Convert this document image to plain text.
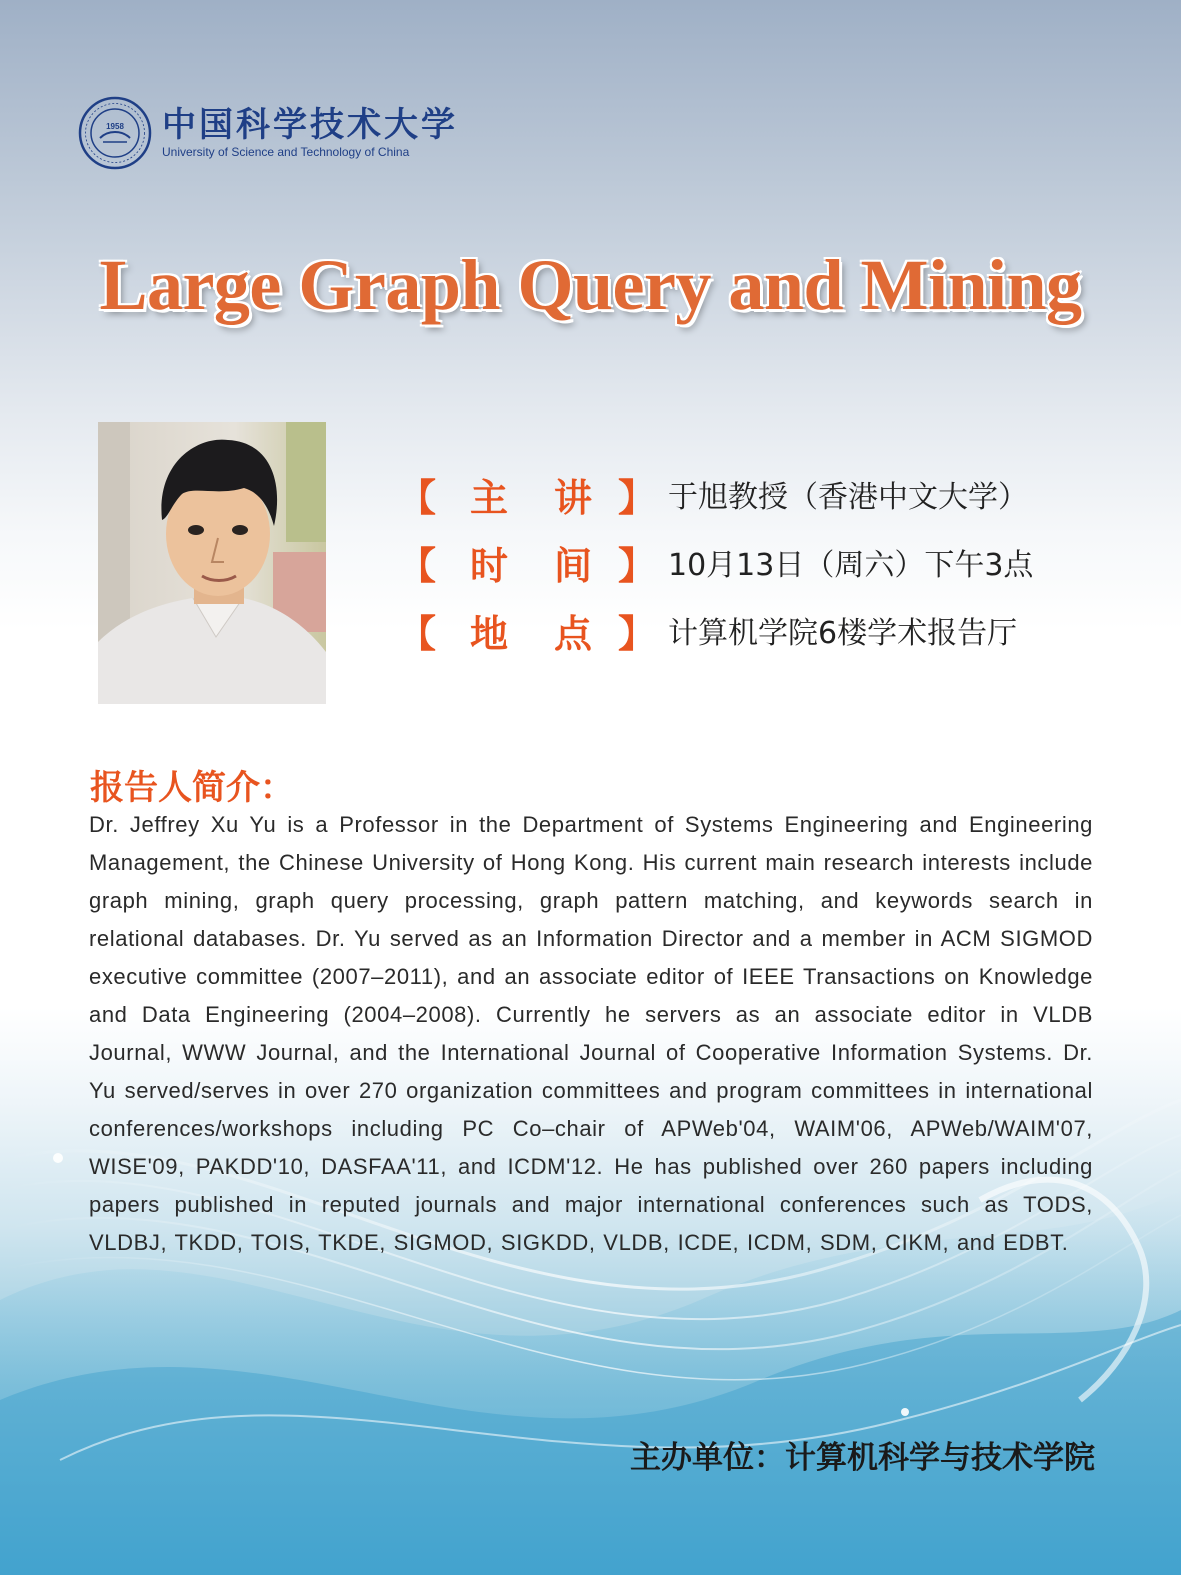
1958 中国科学技术大学
University of Science and Technology of China
Large Graph Query and Mining
【 主 讲 】 于旭教授（香港中文大学）
【 时 间 】 10月13日（周六）下午3点
【 地 点 】 计算机学院6楼学术报告厅
报告人简介：
Dr. Jeffrey Xu Yu is a Professor in the Department of Systems Engineering and Engineering Management, the Chinese University of Hong Kong. His current main research interests include graph mining, graph query processing, graph pattern matching, and keywords search in relational databases. Dr. Yu served as an Information Director and a member in ACM SIGMOD executive committee (2007–2011), and an associate editor of IEEE Transactions on Knowledge and Data Engineering (2004–2008). Currently he servers as an associate editor in VLDB Journal, WWW Journal, and the International Journal of Cooperative Information Systems. Dr. Yu served/serves in over 270 organization committees and program committees in international conferences/workshops including PC Co–chair of APWeb'04, WAIM'06, APWeb/WAIM'07, WISE'09, PAKDD'10, DASFAA'11, and ICDM'12. He has published over 260 papers including papers published in reputed journals and major international conferences such as TODS, VLDBJ, TKDD, TOIS, TKDE, SIGMOD, SIGKDD, VLDB, ICDE, ICDM, SDM, CIKM, and EDBT.
主办单位：计算机科学与技术学院
